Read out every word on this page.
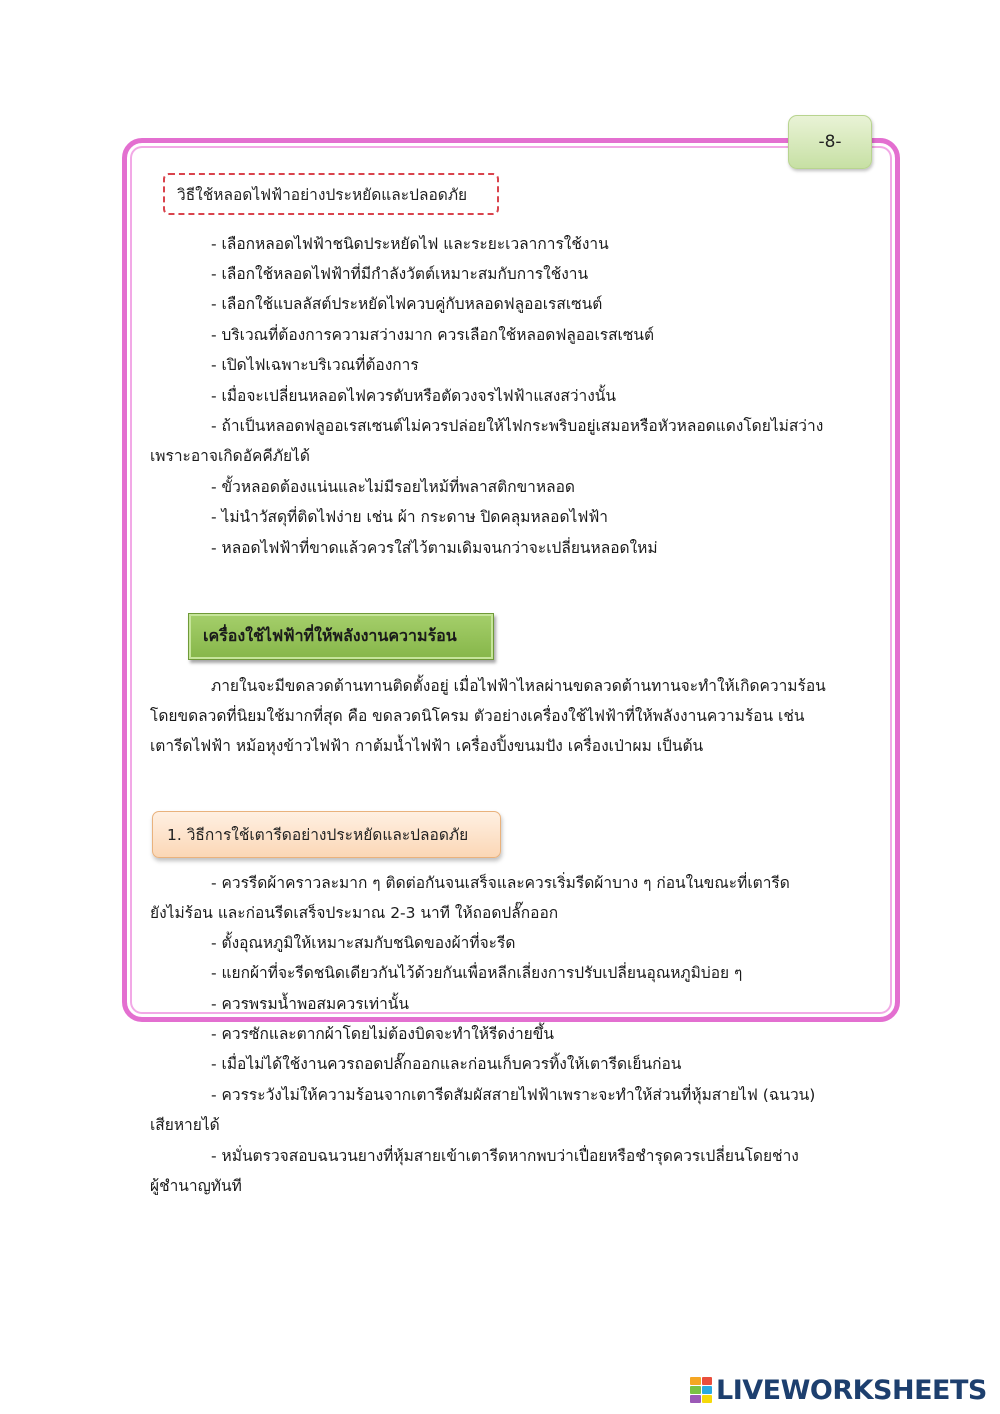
-8-
วิธีใช้หลอดไฟฟ้าอย่างประหยัดและปลอดภัย
- เลือกหลอดไฟฟ้าชนิดประหยัดไฟ และระยะเวลาการใช้งาน
- เลือกใช้หลอดไฟฟ้าที่มีกำลังวัตต์เหมาะสมกับการใช้งาน
- เลือกใช้แบลลัสต์ประหยัดไฟควบคู่กับหลอดฟลูออเรสเซนต์
- บริเวณที่ต้องการความสว่างมาก ควรเลือกใช้หลอดฟลูออเรสเซนต์
- เปิดไฟเฉพาะบริเวณที่ต้องการ
- เมื่อจะเปลี่ยนหลอดไฟควรดับหรือตัดวงจรไฟฟ้าแสงสว่างนั้น
- ถ้าเป็นหลอดฟลูออเรสเซนต์ไม่ควรปล่อยให้ไฟกระพริบอยู่เสมอหรือหัวหลอดแดงโดยไม่สว่าง
เพราะอาจเกิดอัคคีภัยได้
- ขั้วหลอดต้องแน่นและไม่มีรอยไหม้ที่พลาสติกขาหลอด
- ไม่นำวัสดุที่ติดไฟง่าย เช่น ผ้า กระดาษ ปิดคลุมหลอดไฟฟ้า
- หลอดไฟฟ้าที่ขาดแล้วควรใส่ไว้ตามเดิมจนกว่าจะเปลี่ยนหลอดใหม่
เครื่องใช้ไฟฟ้าที่ให้พลังงานความร้อน
ภายในจะมีขดลวดต้านทานติดตั้งอยู่ เมื่อไฟฟ้าไหลผ่านขดลวดต้านทานจะทำให้เกิดความร้อน
โดยขดลวดที่นิยมใช้มากที่สุด คือ ขดลวดนิโครม ตัวอย่างเครื่องใช้ไฟฟ้าที่ให้พลังงานความร้อน เช่น
เตารีดไฟฟ้า หม้อหุงข้าวไฟฟ้า กาต้มน้ำไฟฟ้า เครื่องปิ้งขนมปัง เครื่องเป่าผม เป็นต้น
1. วิธีการใช้เตารีดอย่างประหยัดและปลอดภัย
- ควรรีดผ้าคราวละมาก ๆ ติดต่อกันจนเสร็จและควรเริ่มรีดผ้าบาง ๆ ก่อนในขณะที่เตารีด
ยังไม่ร้อน และก่อนรีดเสร็จประมาณ 2-3 นาที ให้ถอดปลั๊กออก
- ตั้งอุณหภูมิให้เหมาะสมกับชนิดของผ้าที่จะรีด
- แยกผ้าที่จะรีดชนิดเดียวกันไว้ด้วยกันเพื่อหลีกเลี่ยงการปรับเปลี่ยนอุณหภูมิบ่อย ๆ
- ควรพรมน้ำพอสมควรเท่านั้น
- ควรซักและตากผ้าโดยไม่ต้องบิดจะทำให้รีดง่ายขึ้น
- เมื่อไม่ได้ใช้งานควรถอดปลั๊กออกและก่อนเก็บควรทิ้งให้เตารีดเย็นก่อน
- ควรระวังไม่ให้ความร้อนจากเตารีดสัมผัสสายไฟฟ้าเพราะจะทำให้ส่วนที่หุ้มสายไฟ (ฉนวน)
เสียหายได้
- หมั่นตรวจสอบฉนวนยางที่หุ้มสายเข้าเตารีดหากพบว่าเปื่อยหรือชำรุดควรเปลี่ยนโดยช่าง
ผู้ชำนาญทันที
LIVEWORKSHEETS
